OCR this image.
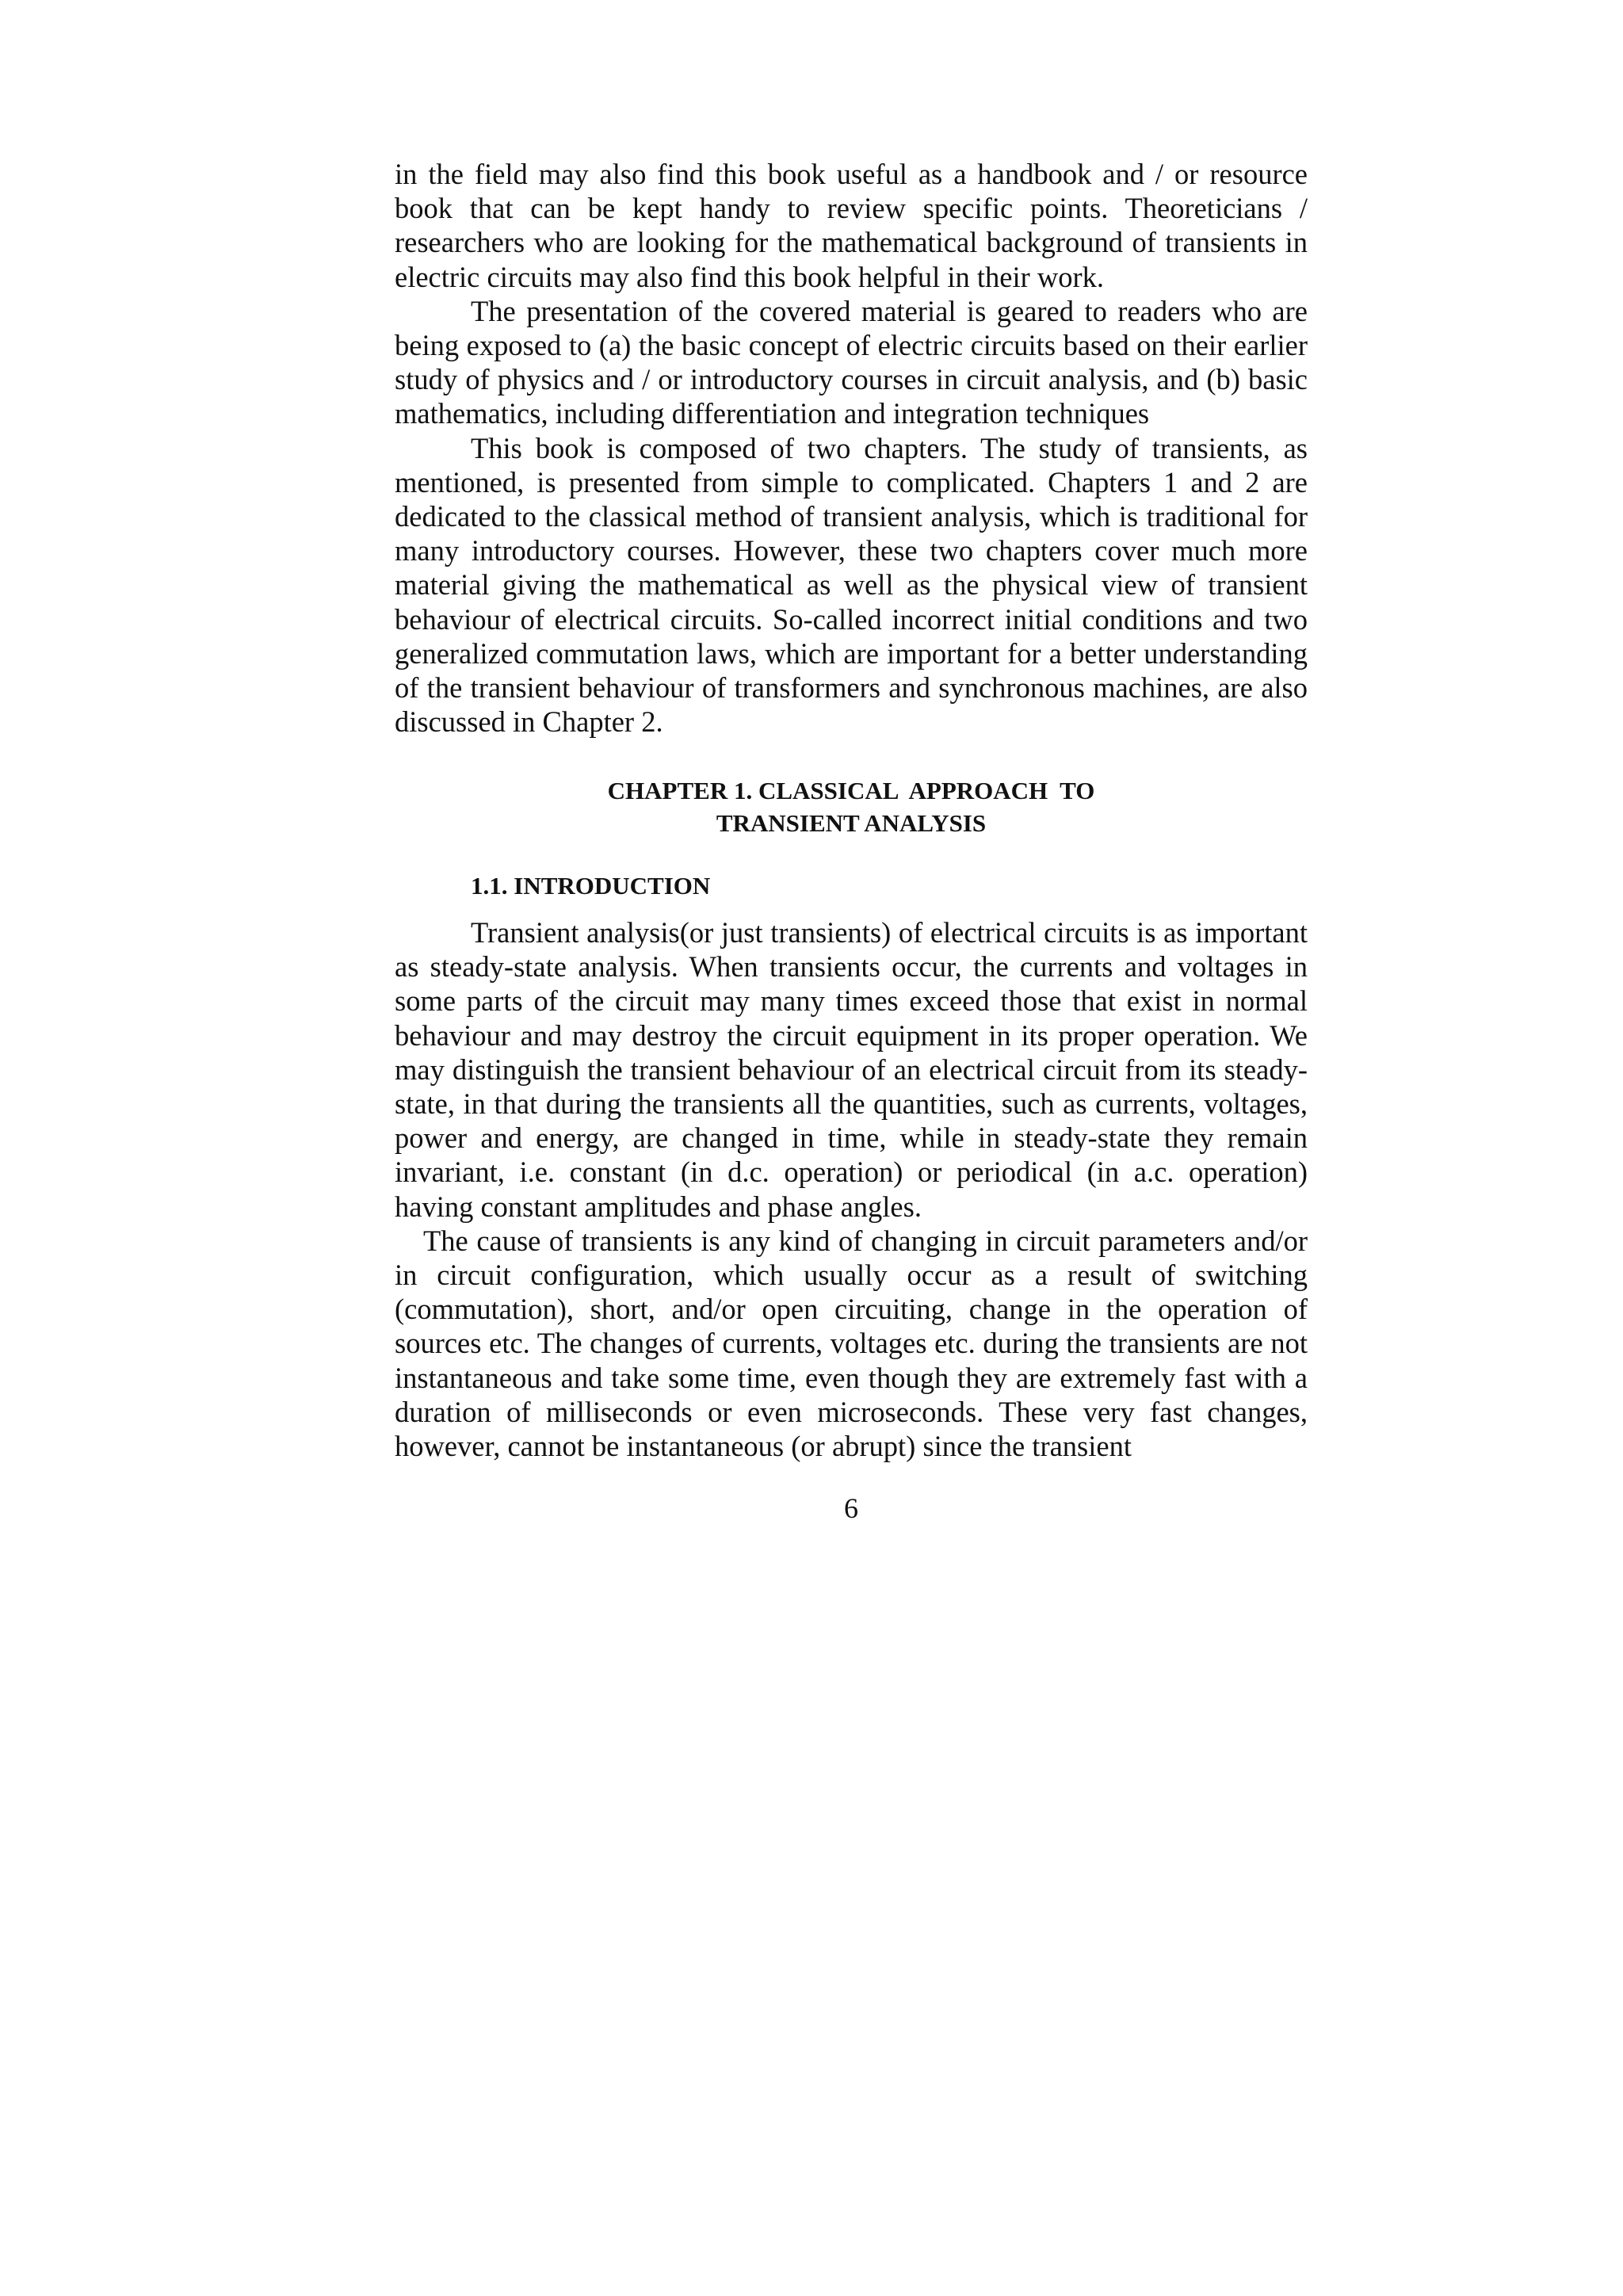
in the field may also find this book useful as a handbook and / or resource book that can be kept handy to review specific points. Theoreticians / researchers who are looking for the mathematical background of transients in electric circuits may also find this book helpful in their work.

The presentation of the covered material is geared to readers who are being exposed to (a) the basic concept of electric circuits based on their earlier study of physics and / or introductory courses in circuit analysis, and (b) basic mathematics, including differentiation and integration techniques

This book is composed of two chapters. The study of transients, as mentioned, is presented from simple to complicated. Chapters 1 and 2 are dedicated to the classical method of transient analysis, which is traditional for many introductory courses. However, these two chapters cover much more material giving the mathematical as well as the physical view of transient behaviour of electrical circuits. So-called incorrect initial conditions and two generalized commutation laws, which are important for a better understanding of the transient behaviour of transformers and synchronous machines, are also discussed in Chapter 2.

CHAPTER 1. CLASSICAL  APPROACH  TO
TRANSIENT ANALYSIS
1.1. INTRODUCTION

Transient analysis(or just transients) of electrical circuits is as important as steady-state analysis. When transients occur, the currents and voltages in some parts of the circuit may many times exceed those that exist in normal behaviour and may destroy the circuit equipment in its proper operation. We may distinguish the transient behaviour of an electrical circuit from its steady-state, in that during the transients all the quantities, such as currents, voltages, power and energy, are changed in time, while in steady-state they remain invariant, i.e. constant (in d.c. operation) or periodical (in a.c. operation) having constant amplitudes and phase angles.

The cause of transients is any kind of changing in circuit parameters and/or in circuit configuration, which usually occur as a result of switching (commutation), short, and/or open circuiting, change in the operation of sources etc. The changes of currents, voltages etc. during the transients are not instantaneous and take some time, even though they are extremely fast with a duration of milliseconds or even microseconds. These very fast changes, however, cannot be instantaneous (or abrupt) since the transient

6
